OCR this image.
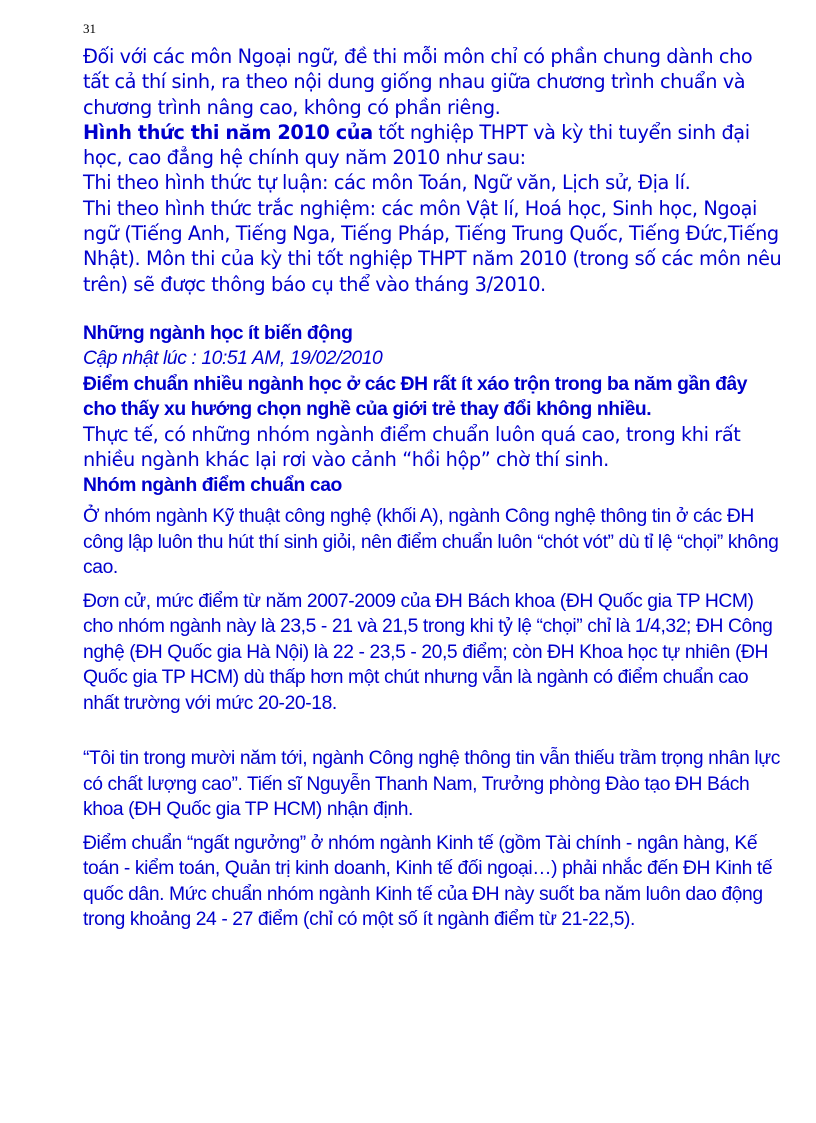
31

Đối với các môn Ngoại ngữ, đề thi mỗi môn chỉ có phần chung dành cho tất cả thí sinh, ra theo nội dung giống nhau giữa chương trình chuẩn và chương trình nâng cao, không có phần riêng.

Hình thức thi năm 2010 của tốt nghiệp THPT và kỳ thi tuyển sinh đại học, cao đẳng hệ chính quy năm 2010 như sau:

Thi theo hình thức tự luận: các môn Toán, Ngữ văn, Lịch sử, Địa lí.

Thi theo hình thức trắc nghiệm: các môn Vật lí, Hoá học, Sinh học, Ngoại ngữ (Tiếng Anh, Tiếng Nga, Tiếng Pháp, Tiếng Trung Quốc, Tiếng Đức,Tiếng Nhật). Môn thi của kỳ thi tốt nghiệp THPT năm 2010 (trong số các môn nêu trên) sẽ được thông báo cụ thể vào tháng 3/2010.

Những ngành học ít biến động

Cập nhật lúc : 10:51 AM, 19/02/2010

Điểm chuẩn nhiều ngành học ở các ĐH rất ít xáo trộn trong ba năm gần đây cho thấy xu hướng chọn nghề của giới trẻ thay đổi không nhiều.

Thực tế, có những nhóm ngành điểm chuẩn luôn quá cao, trong khi rất nhiều ngành khác lại rơi vào cảnh “hồi hộp” chờ thí sinh.

Nhóm ngành điểm chuẩn cao

Ở nhóm ngành Kỹ thuật công nghệ (khối A), ngành Công nghệ thông tin ở các ĐH công lập luôn thu hút thí sinh giỏi, nên điểm chuẩn luôn “chót vót” dù tỉ lệ “chọi” không cao.

Đơn cử, mức điểm từ năm 2007-2009 của ĐH Bách khoa (ĐH Quốc gia TP HCM) cho nhóm ngành này là 23,5 - 21 và 21,5 trong khi tỷ lệ “chọi” chỉ là 1/4,32; ĐH Công nghệ (ĐH Quốc gia Hà Nội) là 22 - 23,5 - 20,5 điểm; còn ĐH Khoa học tự nhiên (ĐH Quốc gia TP HCM) dù thấp hơn một chút nhưng vẫn là ngành có điểm chuẩn cao nhất trường với mức 20-20-18.

“Tôi tin trong mười năm tới, ngành Công nghệ thông tin vẫn thiếu trầm trọng nhân lực có chất lượng cao”. Tiến sĩ Nguyễn Thanh Nam, Trưởng phòng Đào tạo ĐH Bách khoa (ĐH Quốc gia TP HCM) nhận định.

Điểm chuẩn “ngất ngưởng” ở nhóm ngành Kinh tế (gồm Tài chính - ngân hàng, Kế toán - kiểm toán, Quản trị kinh doanh, Kinh tế đối ngoại…) phải nhắc đến ĐH Kinh tế quốc dân. Mức chuẩn nhóm ngành Kinh tế của ĐH này suốt ba năm luôn dao động trong khoảng 24 - 27 điểm (chỉ có một số ít ngành điểm từ 21-22,5).
